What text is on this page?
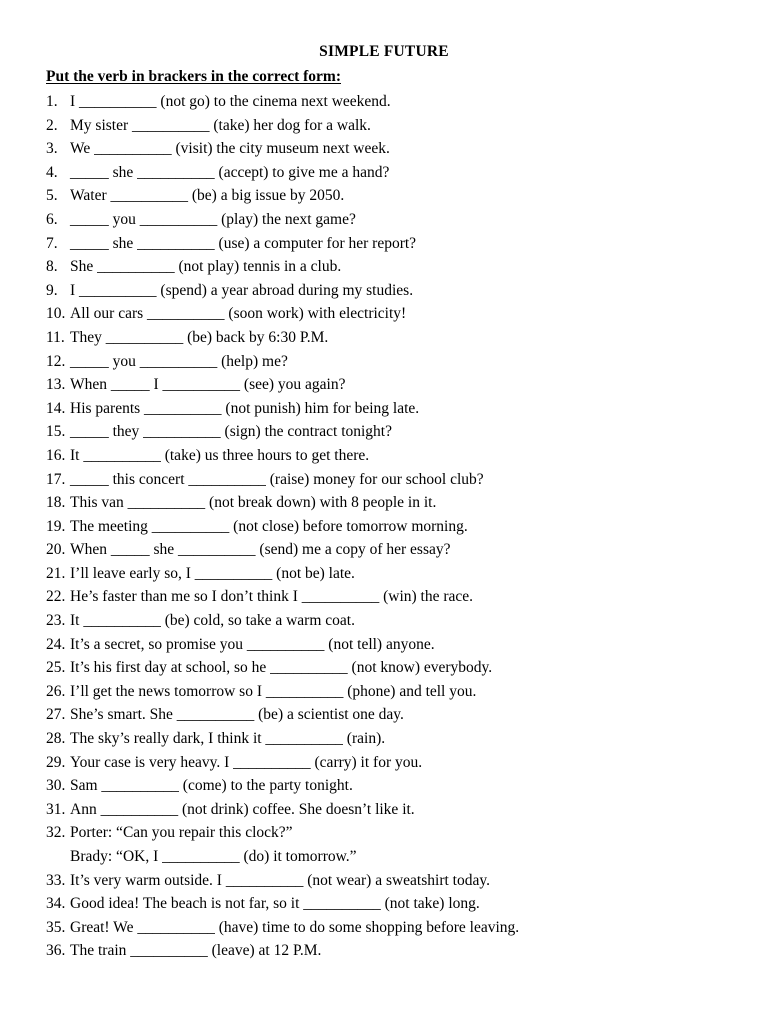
SIMPLE FUTURE
Put the verb in brackers in the correct form:
1. I __________ (not go) to the cinema next weekend.
2. My sister __________ (take) her dog for a walk.
3. We __________ (visit) the city museum next week.
4. _____ she __________ (accept) to give me a hand?
5. Water __________ (be) a big issue by 2050.
6. _____ you __________ (play) the next game?
7. _____ she __________ (use) a computer for her report?
8. She __________ (not play) tennis in a club.
9. I __________ (spend) a year abroad during my studies.
10. All our cars __________ (soon work) with electricity!
11. They __________ (be) back by 6:30 P.M.
12. _____ you __________ (help) me?
13. When _____ I __________ (see) you again?
14. His parents __________ (not punish) him for being late.
15. _____ they __________ (sign) the contract tonight?
16. It __________ (take) us three hours to get there.
17. _____ this concert __________ (raise) money for our school club?
18. This van __________ (not break down) with 8 people in it.
19. The meeting __________ (not close) before tomorrow morning.
20. When _____ she __________ (send) me a copy of her essay?
21. I’ll leave early so, I __________ (not be) late.
22. He’s faster than me so I don’t think I __________ (win) the race.
23. It __________ (be) cold, so take a warm coat.
24. It’s a secret, so promise you __________ (not tell) anyone.
25. It’s his first day at school, so he __________ (not know) everybody.
26. I’ll get the news tomorrow so I __________ (phone) and tell you.
27. She’s smart. She __________ (be) a scientist one day.
28. The sky’s really dark, I think it __________ (rain).
29. Your case is very heavy. I __________ (carry) it for you.
30. Sam __________ (come) to the party tonight.
31. Ann __________ (not drink) coffee. She doesn’t like it.
32. Porter: “Can you repair this clock?”
Brady: “OK, I __________ (do) it tomorrow.”
33. It’s very warm outside. I __________ (not wear) a sweatshirt today.
34. Good idea! The beach is not far, so it __________ (not take) long.
35. Great! We __________ (have) time to do some shopping before leaving.
36. The train __________ (leave) at 12 P.M.
